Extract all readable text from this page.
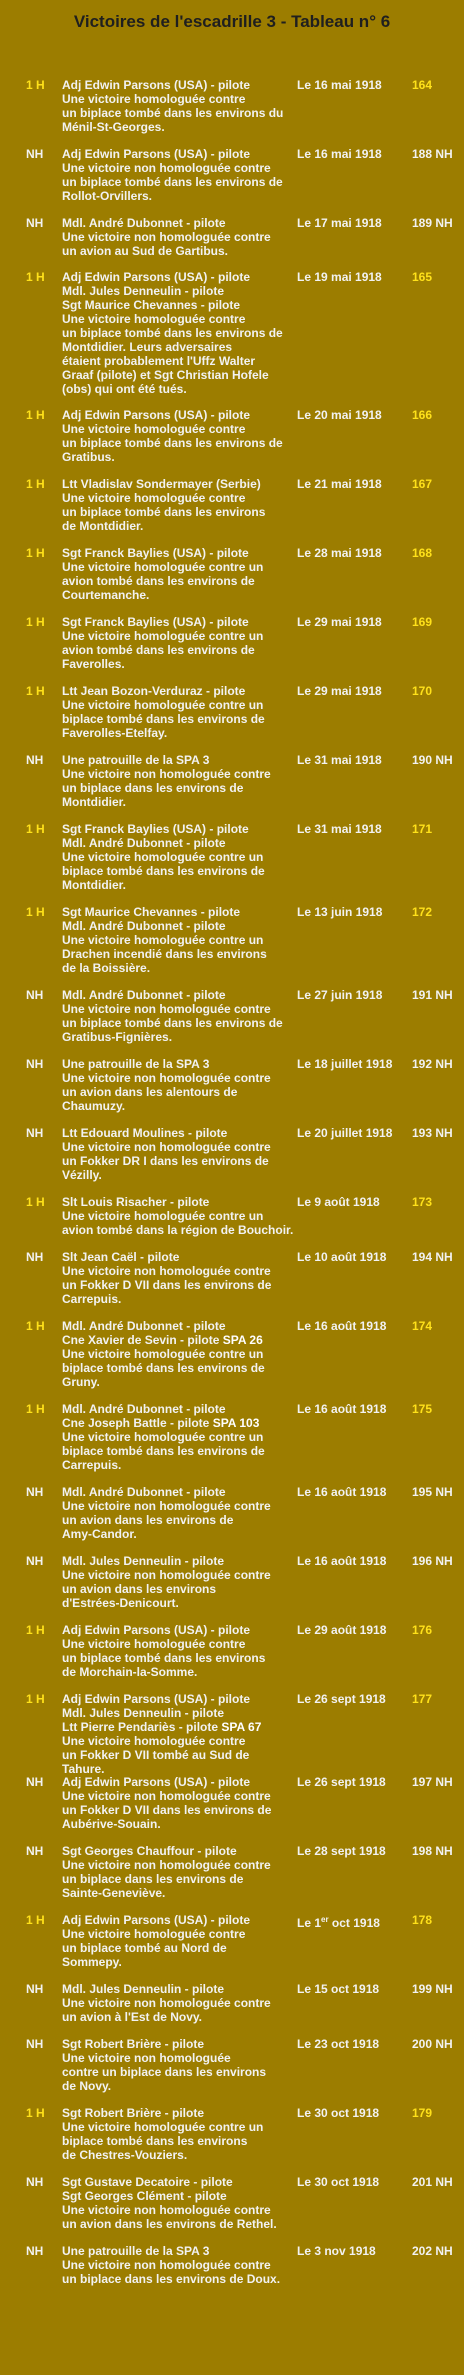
Victoires de l'escadrille 3 - Tableau n° 6
1 H	Adj Edwin Parsons (USA) - pilote
Une victoire homologuée contre
un biplace tombé dans les environs du
Ménil-St-Georges.
Le 16 mai 1918	164
NH	Adj Edwin Parsons (USA) - pilote
Une victoire non homologuée contre
un biplace tombé dans les environs de
Rollot-Orvillers.
Le 16 mai 1918	188 NH
NH	Mdl. André Dubonnet - pilote
Une victoire non homologuée contre
un avion au Sud de Gartibus.
Le 17 mai 1918	189 NH
1 H	Adj Edwin Parsons (USA) - pilote
Mdl. Jules Denneulin - pilote
Sgt Maurice Chevannes - pilote
Une victoire homologuée contre
un biplace tombé dans les environs de
Montdidier. Leurs adversaires
étaient probablement l'Uffz Walter
Graaf (pilote) et Sgt Christian Hofele
(obs) qui ont été tués.
Le 19 mai 1918	165
1 H	Adj Edwin Parsons (USA) - pilote
Une victoire homologuée contre
un biplace tombé dans les environs de
Gratibus.
Le 20 mai 1918	166
1 H	Ltt Vladislav Sondermayer (Serbie)
Une victoire homologuée contre
un biplace tombé dans les environs
de Montdidier.
Le 21 mai 1918	167
1 H	Sgt Franck Baylies (USA) - pilote
Une victoire homologuée contre un
avion tombé dans les environs de
Courtemanche.
Le 28 mai 1918	168
1 H	Sgt Franck Baylies (USA) - pilote
Une victoire homologuée contre un
avion tombé dans les environs de
Faverolles.
Le 29 mai 1918	169
1 H	Ltt Jean Bozon-Verduraz - pilote
Une victoire homologuée contre un
biplace tombé dans les environs de
Faverolles-Etelfay.
Le 29 mai 1918	170
NH	Une patrouille de la SPA 3
Une victoire non homologuée contre
un biplace dans les environs de
Montdidier.
Le 31 mai 1918	190 NH
1 H	Sgt Franck Baylies (USA) - pilote
Mdl. André Dubonnet - pilote
Une victoire homologuée contre un
biplace tombé dans les environs de
Montdidier.
Le 31 mai 1918	171
1 H	Sgt Maurice Chevannes - pilote
Mdl. André Dubonnet - pilote
Une victoire homologuée contre un
Drachen incendié dans les environs
de la Boissière.
Le 13 juin 1918	172
NH	Mdl. André Dubonnet - pilote
Une victoire non homologuée contre
un biplace tombé dans les environs de
Gratibus-Fignières.
Le 27 juin 1918	191 NH
NH	Une patrouille de la SPA 3
Une victoire non homologuée contre
un avion dans les alentours de
Chaumuzy.
Le 18 juillet 1918	192 NH
NH	Ltt Edouard Moulines - pilote
Une victoire non homologuée contre
un Fokker DR I dans les environs de
Vézilly.
Le 20 juillet 1918	193 NH
1 H	Slt Louis Risacher - pilote
Une victoire homologuée contre un
avion tombé dans la région de Bouchoir.
Le 9 août 1918	173
NH	Slt Jean Caël - pilote
Une victoire non homologuée contre
un Fokker D VII dans les environs de
Carrepuis.
Le 10 août 1918	194 NH
1 H	Mdl. André Dubonnet - pilote
Cne Xavier de Sevin - pilote SPA 26
Une victoire homologuée contre un
biplace tombé dans les environs de
Gruny.
Le 16 août 1918	174
1 H	Mdl. André Dubonnet - pilote
Cne Joseph Battle - pilote SPA 103
Une victoire homologuée contre un
biplace tombé dans les environs de
Carrepuis.
Le 16 août 1918	175
NH	Mdl. André Dubonnet - pilote
Une victoire non homologuée contre
un avion dans les environs de
Amy-Candor.
Le 16 août 1918	195 NH
NH	Mdl. Jules Denneulin - pilote
Une victoire non homologuée contre
un avion dans les environs
d'Estrées-Denicourt.
Le 16 août 1918	196 NH
1 H	Adj Edwin Parsons (USA) - pilote
Une victoire homologuée contre
un biplace tombé dans les environs
de Morchain-la-Somme.
Le 29 août 1918	176
1 H	Adj Edwin Parsons (USA) - pilote
Mdl. Jules Denneulin - pilote
Ltt Pierre Pendariès - pilote SPA 67
Une victoire homologuée contre
un Fokker D VII tombé au Sud de
Tahure.
Le 26 sept 1918	177
NH	Adj Edwin Parsons (USA) - pilote
Une victoire non homologuée contre
un Fokker D VII dans les environs de
Aubérive-Souain.
Le 26 sept 1918	197 NH
NH	Sgt Georges Chauffour - pilote
Une victoire non homologuée contre
un biplace dans les environs de
Sainte-Geneviève.
Le 28 sept 1918	198 NH
1 H	Adj Edwin Parsons (USA) - pilote
Une victoire homologuée contre
un biplace tombé au Nord de
Sommepy.
Le 1er oct 1918	178
NH	Mdl. Jules Denneulin - pilote
Une victoire non homologuée contre
un avion à l'Est de Novy.
Le 15 oct 1918	199 NH
NH	Sgt Robert Brière - pilote
Une victoire non homologuée
contre un biplace dans les environs
de Novy.
Le 23 oct 1918	200 NH
1 H	Sgt Robert Brière - pilote
Une victoire homologuée contre un
biplace tombé dans les environs
de Chestres-Vouziers.
Le 30 oct 1918	179
NH	Sgt Gustave Decatoire - pilote
Sgt Georges Clément - pilote
Une victoire non homologuée contre
un avion dans les environs de Rethel.
Le 30 oct 1918	201 NH
NH	Une patrouille de la SPA 3
Une victoire non homologuée contre
un biplace dans les environs de Doux.
Le 3 nov 1918	202 NH
